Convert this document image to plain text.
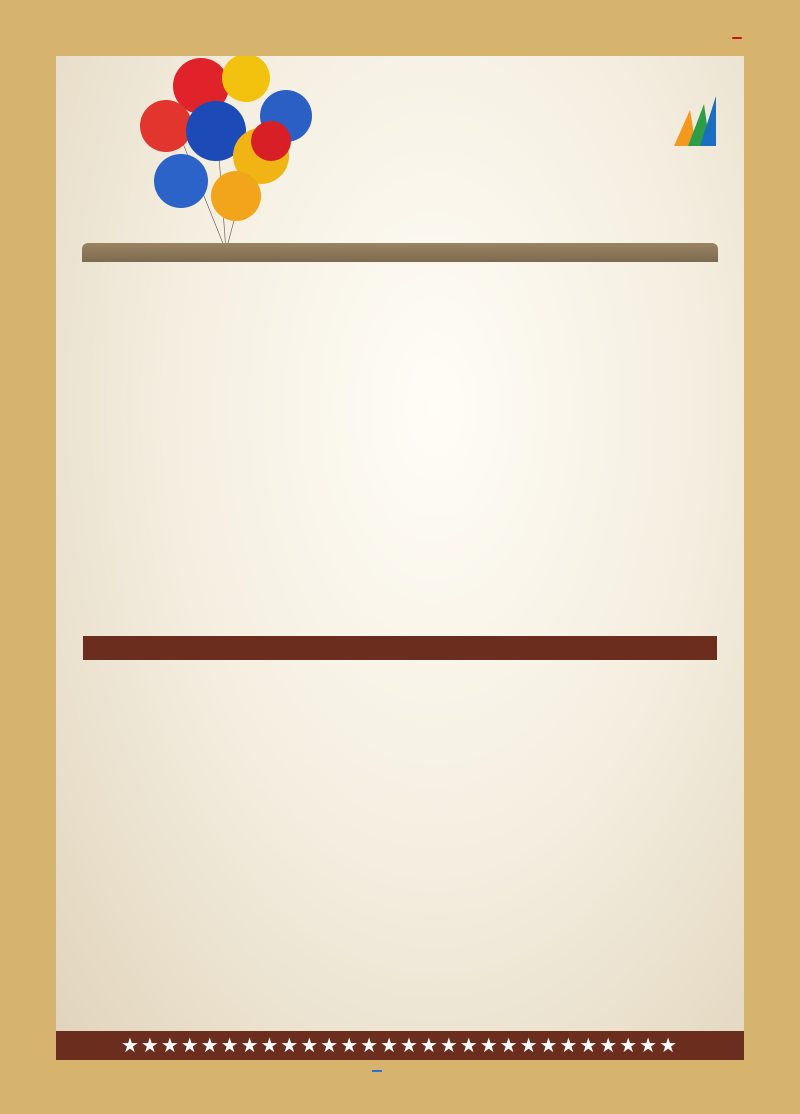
★★★★★★★★★★★★★★★★★★★★★★★★★★★★
